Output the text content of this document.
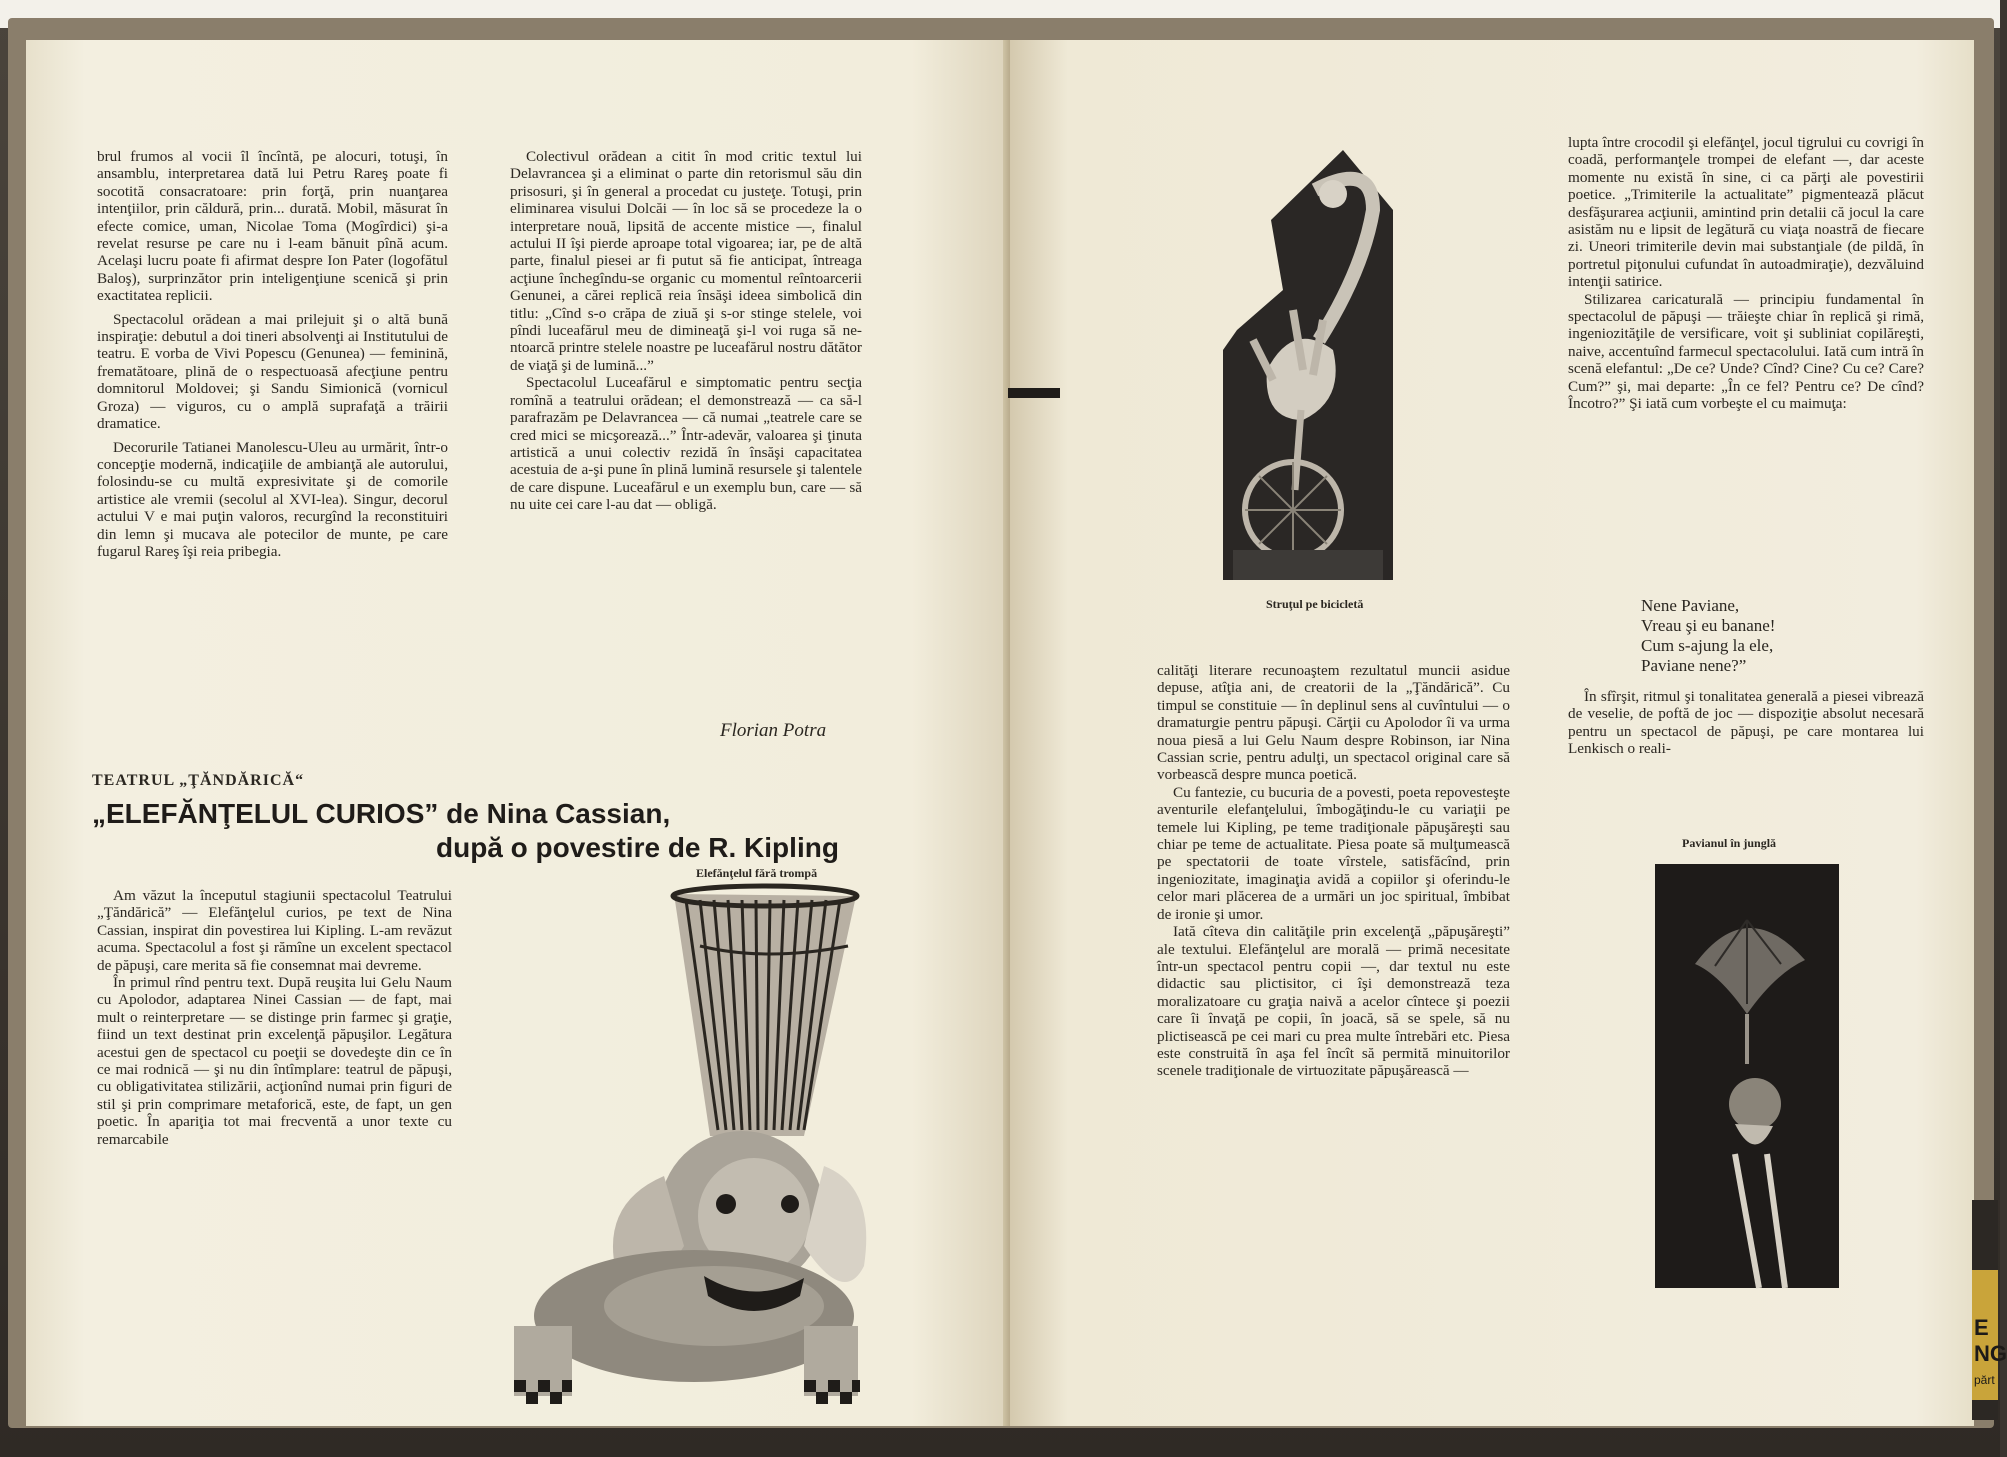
E
NG
părt

brul frumos al vocii îl încîntă, pe alocuri, totuşi, în ansamblu, interpretarea dată lui Petru Rareş poate fi socotită consacratoare: prin forţă, prin nuanţarea intenţiilor, prin căldură, prin... durată. Mobil, măsurat în efecte comice, uman, Nicolae Toma (Mogîrdici) şi-a revelat resurse pe care nu i l-eam bănuit pînă acum. Acelaşi lucru poate fi afirmat despre Ion Pater (logofătul Baloş), surprinzător prin inteligenţiune scenică şi prin exactitatea replicii.

Spectacolul orădean a mai prilejuit şi o altă bună inspiraţie: debutul a doi tineri absolvenţi ai Institutului de teatru. E vorba de Vivi Popescu (Genunea) — feminină, frematătoare, plină de o respectuoasă afecţiune pentru domnitorul Moldovei; şi Sandu Simionică (vornicul Groza) — viguros, cu o amplă suprafaţă a trăirii dramatice.

Decorurile Tatianei Manolescu-Uleu au urmărit, într-o concepţie modernă, indicaţiile de ambianţă ale autorului, folosindu-se cu multă expresivitate şi de comorile artistice ale vremii (secolul al XVI-lea). Singur, decorul actului V e mai puţin valoros, recurgînd la reconstituiri din lemn şi mucava ale potecilor de munte, pe care fugarul Rareş îşi reia pribegia.

Colectivul orădean a citit în mod critic textul lui Delavrancea şi a eliminat o parte din retorismul său din prisosuri, şi în general a procedat cu justeţe. Totuşi, prin eliminarea visului Dolcăi — în loc să se procedeze la o interpretare nouă, lipsită de accente mistice —, finalul actului II îşi pierde aproape total vigoarea; iar, pe de altă parte, finalul piesei ar fi putut să fie anticipat, întreaga acţiune închegîndu-se organic cu momentul reîntoarcerii Genunei, a cărei replică reia însăşi ideea simbolică din titlu: „Cînd s-o crăpa de ziuă şi s-or stinge stelele, voi pîndi luceafărul meu de dimineaţă şi-l voi ruga să ne-ntoarcă printre stelele noastre pe luceafărul nostru dătător de viaţă şi de lumină...”

Spectacolul Luceafărul e simptomatic pentru secţia romînă a teatrului orădean; el demonstrează — ca să-l parafrazăm pe Delavrancea — că numai „teatrele care se cred mici se micşorează...” Într-adevăr, valoarea şi ţinuta artistică a unui colectiv rezidă în însăşi capacitatea acestuia de a-şi pune în plină lumină resursele şi talentele de care dispune. Luceafărul e un exemplu bun, care — să nu uite cei care l-au dat — obligă.

Florian Potra
TEATRUL „ŢĂNDĂRICĂ“
„ELEFĂNŢELUL CURIOS” de Nina Cassian,
după o povestire de R. Kipling
Elefănţelul fără trompă

Am văzut la începutul stagiunii spectacolul Teatrului „Ţăndărică” — Elefănţelul curios, pe text de Nina Cassian, inspirat din povestirea lui Kipling. L-am revăzut acuma. Spectacolul a fost şi rămîne un excelent spectacol de păpuşi, care merita să fie consemnat mai devreme.

În primul rînd pentru text. După reuşita lui Gelu Naum cu Apolodor, adaptarea Ninei Cassian — de fapt, mai mult o reinterpretare — se distinge prin farmec şi graţie, fiind un text destinat prin excelenţă păpuşilor. Legătura acestui gen de spectacol cu poeţii se dovedeşte din ce în ce mai rodnică — şi nu din întîmplare: teatrul de păpuşi, cu obligativitatea stilizării, acţionînd numai prin figuri de stil şi prin comprimare metaforică, este, de fapt, un gen poetic. În apariţia tot mai frecventă a unor texte cu remarcabile

Struţul pe bicicletă

calităţi literare recunoaştem rezultatul muncii asidue depuse, atîţia ani, de creatorii de la „Ţăndărică”. Cu timpul se constituie — în deplinul sens al cuvîntului — o dramaturgie pentru păpuşi. Cărţii cu Apolodor îi va urma noua piesă a lui Gelu Naum despre Robinson, iar Nina Cassian scrie, pentru adulţi, un spectacol original care să vorbească despre munca poetică.

Cu fantezie, cu bucuria de a povesti, poeta repovesteşte aventurile elefanţelului, îmbogăţindu-le cu variaţii pe temele lui Kipling, pe teme tradiţionale păpuşăreşti sau chiar pe teme de actualitate. Piesa poate să mulţumească pe spectatorii de toate vîrstele, satisfăcînd, prin ingeniozitate, imaginaţia avidă a copiilor şi oferindu-le celor mari plăcerea de a urmări un joc spiritual, îmbibat de ironie şi umor.

Iată cîteva din calităţile prin excelenţă „păpuşăreşti” ale textului. Elefănţelul are morală — primă necesitate într-un spectacol pentru copii —, dar textul nu este didactic sau plictisitor, ci îşi demonstrează teza moralizatoare cu graţia naivă a acelor cîntece şi poezii care îi învaţă pe copii, în joacă, să se spele, să nu plictisească pe cei mari cu prea multe întrebări etc. Piesa este construită în aşa fel încît să permită minuitorilor scenele tradiţionale de virtuozitate păpuşărească —

lupta între crocodil şi elefănţel, jocul tigrului cu covrigi în coadă, performanţele trompei de elefant —, dar aceste momente nu există în sine, ci ca părţi ale povestirii poetice. „Trimiterile la actualitate” pigmentează plăcut desfăşurarea acţiunii, amintind prin detalii că jocul la care asistăm nu e lipsit de legătură cu viaţa noastră de fiecare zi. Uneori trimiterile devin mai substanţiale (de pildă, în portretul piţonului cufundat în autoadmiraţie), dezvăluind intenţii satirice.

Stilizarea caricaturală — principiu fundamental în spectacolul de păpuşi — trăieşte chiar în replică şi rimă, ingeniozităţile de versificare, voit şi subliniat copilăreşti, naive, accentuînd farmecul spectacolului. Iată cum intră în scenă elefantul: „De ce? Unde? Cînd? Cine? Cu ce? Care? Cum?” şi, mai departe: „În ce fel? Pentru ce? De cînd? Încotro?” Şi iată cum vorbeşte el cu maimuţa:

Nene Paviane,
Vreau şi eu banane!
Cum s-ajung la ele,
Paviane nene?”

În sfîrşit, ritmul şi tonalitatea generală a piesei vibrează de veselie, de poftă de joc — dispoziţie absolut necesară pentru un spectacol de păpuşi, pe care montarea lui Lenkisch o reali-

Pavianul în junglă
